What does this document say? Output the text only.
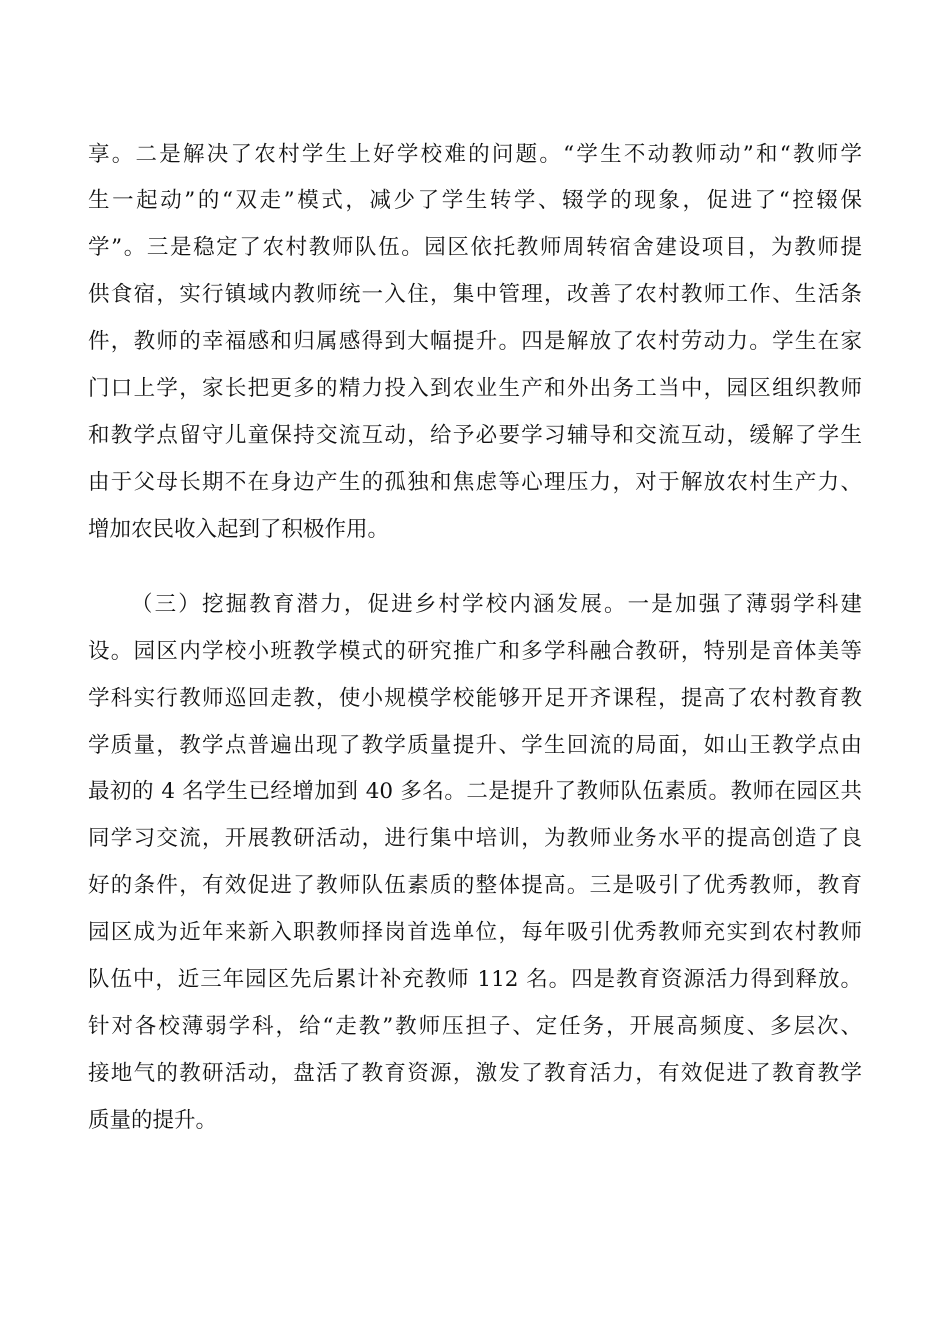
享。二是解决了农村学生上好学校难的问题。“学生不动教师动”和“教师学

生一起动”的“双走”模式，减少了学生转学、辍学的现象，促进了“控辍保

学”。三是稳定了农村教师队伍。园区依托教师周转宿舍建设项目，为教师提

供食宿，实行镇域内教师统一入住，集中管理，改善了农村教师工作、生活条

件，教师的幸福感和归属感得到大幅提升。四是解放了农村劳动力。学生在家

门口上学，家长把更多的精力投入到农业生产和外出务工当中，园区组织教师

和教学点留守儿童保持交流互动，给予必要学习辅导和交流互动，缓解了学生

由于父母长期不在身边产生的孤独和焦虑等心理压力，对于解放农村生产力、

增加农民收入起到了积极作用。

（三）挖掘教育潜力，促进乡村学校内涵发展。一是加强了薄弱学科建

设。园区内学校小班教学模式的研究推广和多学科融合教研，特别是音体美等

学科实行教师巡回走教，使小规模学校能够开足开齐课程，提高了农村教育教

学质量，教学点普遍出现了教学质量提升、学生回流的局面，如山王教学点由

最初的 4 名学生已经增加到 40 多名。二是提升了教师队伍素质。教师在园区共

同学习交流，开展教研活动，进行集中培训，为教师业务水平的提高创造了良

好的条件，有效促进了教师队伍素质的整体提高。三是吸引了优秀教师，教育

园区成为近年来新入职教师择岗首选单位，每年吸引优秀教师充实到农村教师

队伍中，近三年园区先后累计补充教师 112 名。四是教育资源活力得到释放。

针对各校薄弱学科，给“走教”教师压担子、定任务，开展高频度、多层次、

接地气的教研活动，盘活了教育资源，激发了教育活力，有效促进了教育教学

质量的提升。
